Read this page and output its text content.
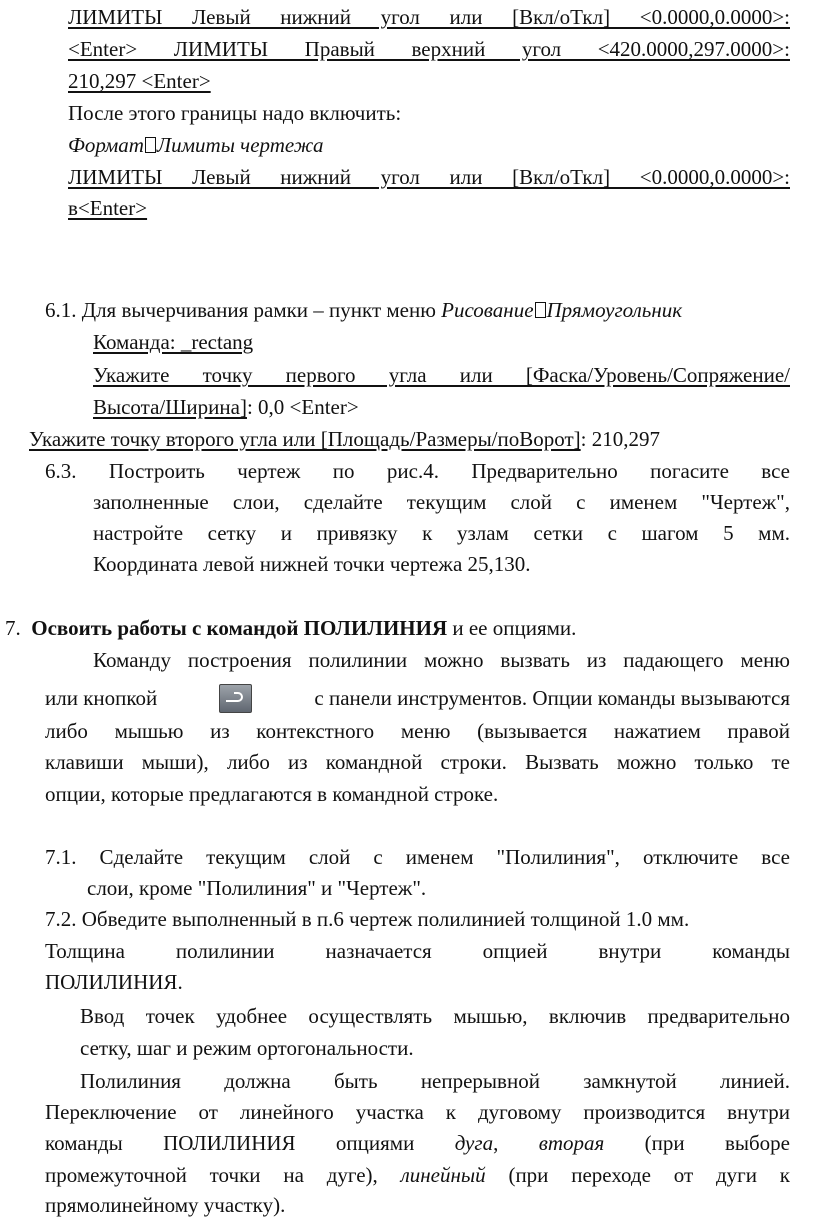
ЛИМИТЫ Левый нижний угол или [Вкл/оТкл] <0.0000,0.0000>:

<Enter> ЛИМИТЫ Правый верхний угол <420.0000,297.0000>:

210,297 <Enter>

После этого границы надо включить:

Формат Лимиты чертежа

ЛИМИТЫ Левый нижний угол или [Вкл/оТкл] <0.0000,0.0000>:

в<Enter>

6.1. Для вычерчивания рамки – пункт меню Рисование Прямоугольник

Команда: _rectang

Укажите точку первого угла или [Фаска/Уровень/Сопряжение/

Высота/Ширина]: 0,0 <Enter>

Укажите точку второго угла или [Площадь/Размеры/поВорот]: 210,297

6.3. Построить чертеж по рис.4. Предварительно погасите все

заполненные слои, сделайте текущим слой с именем "Чертеж",

настройте сетку и привязку к узлам сетки с шагом 5 мм.

Координата левой нижней точки чертежа 25,130.

7. Освоить работы с командой ПОЛИЛИНИЯ и ее опциями.

Команду построения полилинии можно вызвать из падающего меню

или кнопкой	с панели инструментов. Опции команды вызываются

либо мышью из контекстного меню (вызывается нажатием правой

клавиши мыши), либо из командной строки. Вызвать можно только те

опции, которые предлагаются в командной строке.

7.1. Сделайте текущим слой с именем "Полилиния", отключите все

слои, кроме "Полилиния" и "Чертеж".

7.2. Обведите выполненный в п.6 чертеж полилинией толщиной 1.0 мм.

Толщина полилинии назначается опцией внутри команды

ПОЛИЛИНИЯ.

Ввод точек удобнее осуществлять мышью, включив предварительно

сетку, шаг и режим ортогональности.

Полилиния должна быть непрерывной замкнутой линией.

Переключение от линейного участка к дуговому производится внутри

команды ПОЛИЛИНИЯ опциями дуга, вторая (при выборе

промежуточной точки на дуге), линейный (при переходе от дуги к

прямолинейному участку).
